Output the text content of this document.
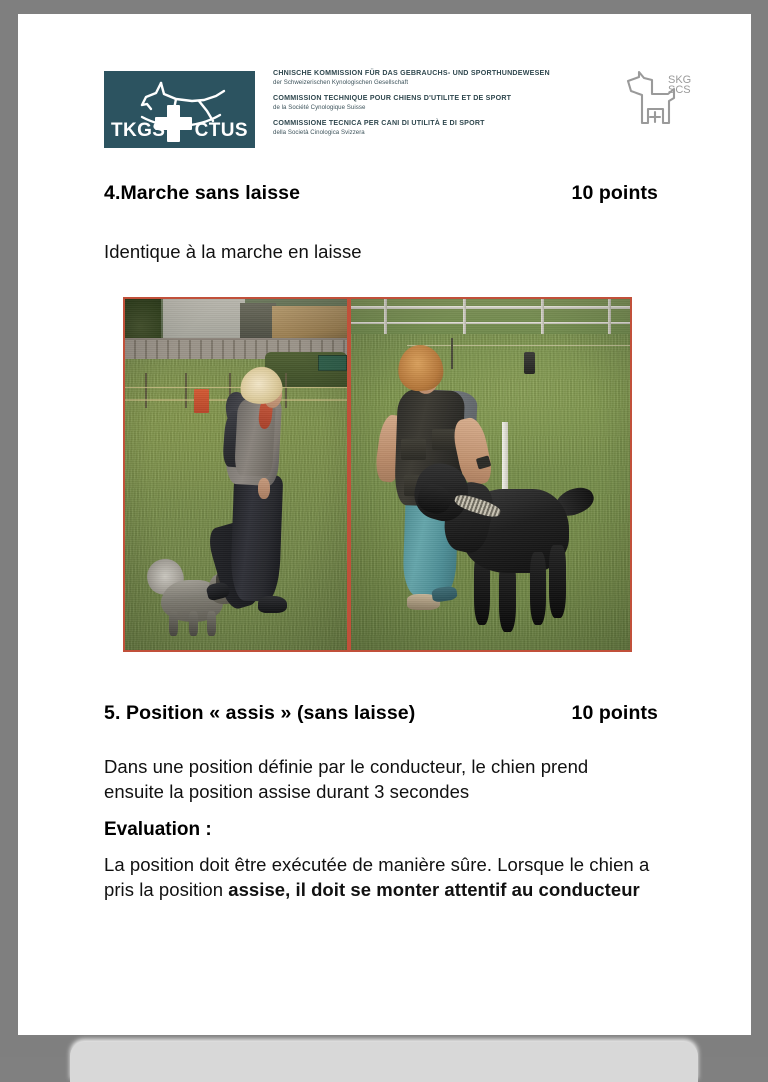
TKGS CTUS
CHNISCHE KOMMISSION FÜR DAS GEBRAUCHS- UND SPORTHUNDEWESEN
der Schweizerischen Kynologischen Gesellschaft
COMMISSION TECHNIQUE POUR CHIENS D'UTILITE ET DE SPORT
de la Société Cynologique Suisse
COMMISSIONE TECNICA PER CANI DI UTILITÀ E DI SPORT
della Società Cinologica Svizzera
SKG
SCS
4.Marche sans laisse	10 points
Identique à la marche en laisse
5. Position « assis » (sans laisse)	10 points
Dans une position définie par le conducteur, le chien prend ensuite la position assise durant 3 secondes
Evaluation :
La position doit être exécutée de manière sûre. Lorsque le chien a pris la position assise, il doit se monter attentif au conducteur
